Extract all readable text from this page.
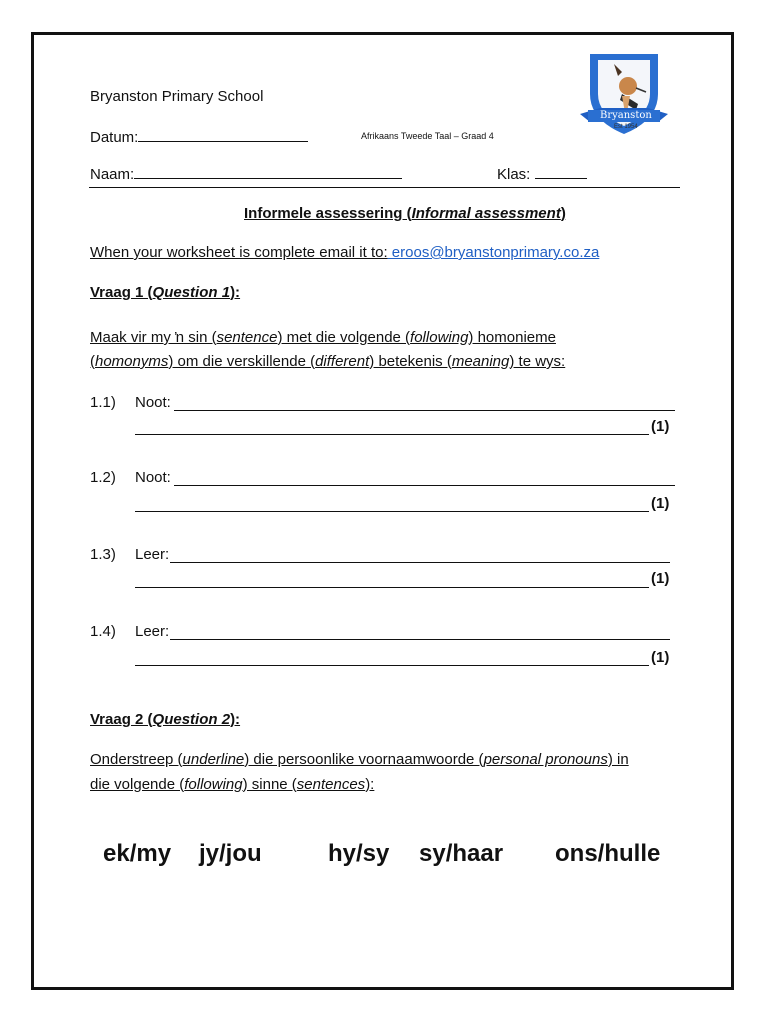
Bryanston Primary School
Datum:	Afrikaans Tweede Taal – Graad 4
Naam:	Klas:
Bryanston
Est 1954
Informele assessering (Informal assessment)
When your worksheet is complete email it to: eroos@bryanstonprimary.co.za
Vraag 1 (Question 1):
Maak vir my ŉ sin (sentence) met die volgende (following) homonieme
(homonyms) om die verskillende (different) betekenis (meaning) te wys:
1.1) Noot:
(1)
1.2) Noot:
(1)
1.3) Leer:
(1)
1.4) Leer:
(1)
Vraag 2 (Question 2):
Onderstreep (underline) die persoonlike voornaamwoorde (personal pronouns) in
die volgende (following) sinne (sentences):
ek/my jy/jou	hy/sy sy/haar ons/hulle
